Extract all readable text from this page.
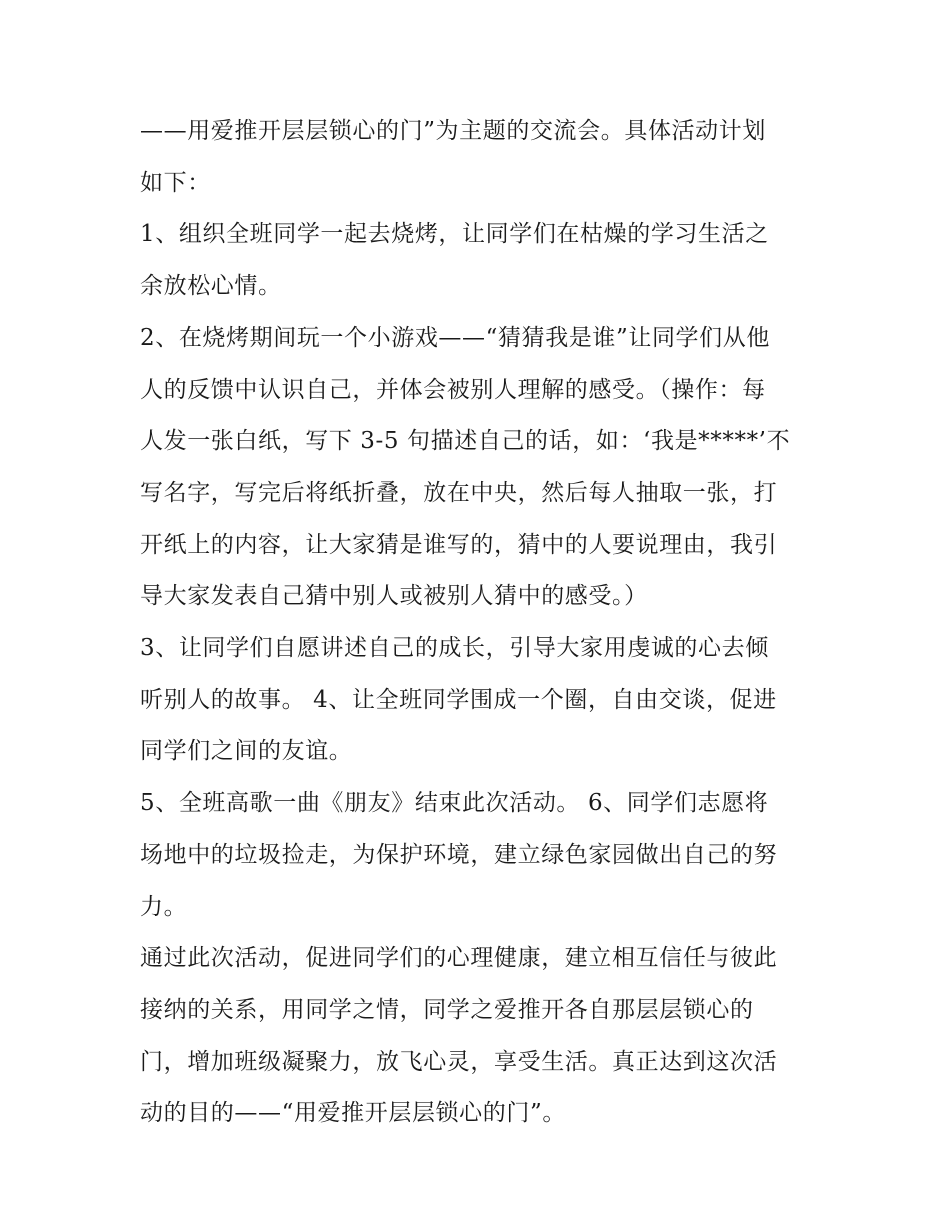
——用爱推开层层锁心的门”为主题的交流会。具体活动计划

如下：

1、组织全班同学一起去烧烤，让同学们在枯燥的学习生活之

余放松心情。

2、在烧烤期间玩一个小游戏——“猜猜我是谁”让同学们从他

人的反馈中认识自己，并体会被别人理解的感受。（操作：每

人发一张白纸，写下 3-5 句描述自己的话，如：‘我是*****’不

写名字，写完后将纸折叠，放在中央，然后每人抽取一张，打

开纸上的内容，让大家猜是谁写的，猜中的人要说理由，我引

导大家发表自己猜中别人或被别人猜中的感受。）

3、让同学们自愿讲述自己的成长，引导大家用虔诚的心去倾

听别人的故事。 4、让全班同学围成一个圈，自由交谈，促进

同学们之间的友谊。

5、全班高歌一曲《朋友》结束此次活动。 6、同学们志愿将

场地中的垃圾捡走，为保护环境，建立绿色家园做出自己的努

力。

通过此次活动，促进同学们的心理健康，建立相互信任与彼此

接纳的关系，用同学之情，同学之爱推开各自那层层锁心的

门，增加班级凝聚力，放飞心灵，享受生活。真正达到这次活

动的目的——“用爱推开层层锁心的门”。
